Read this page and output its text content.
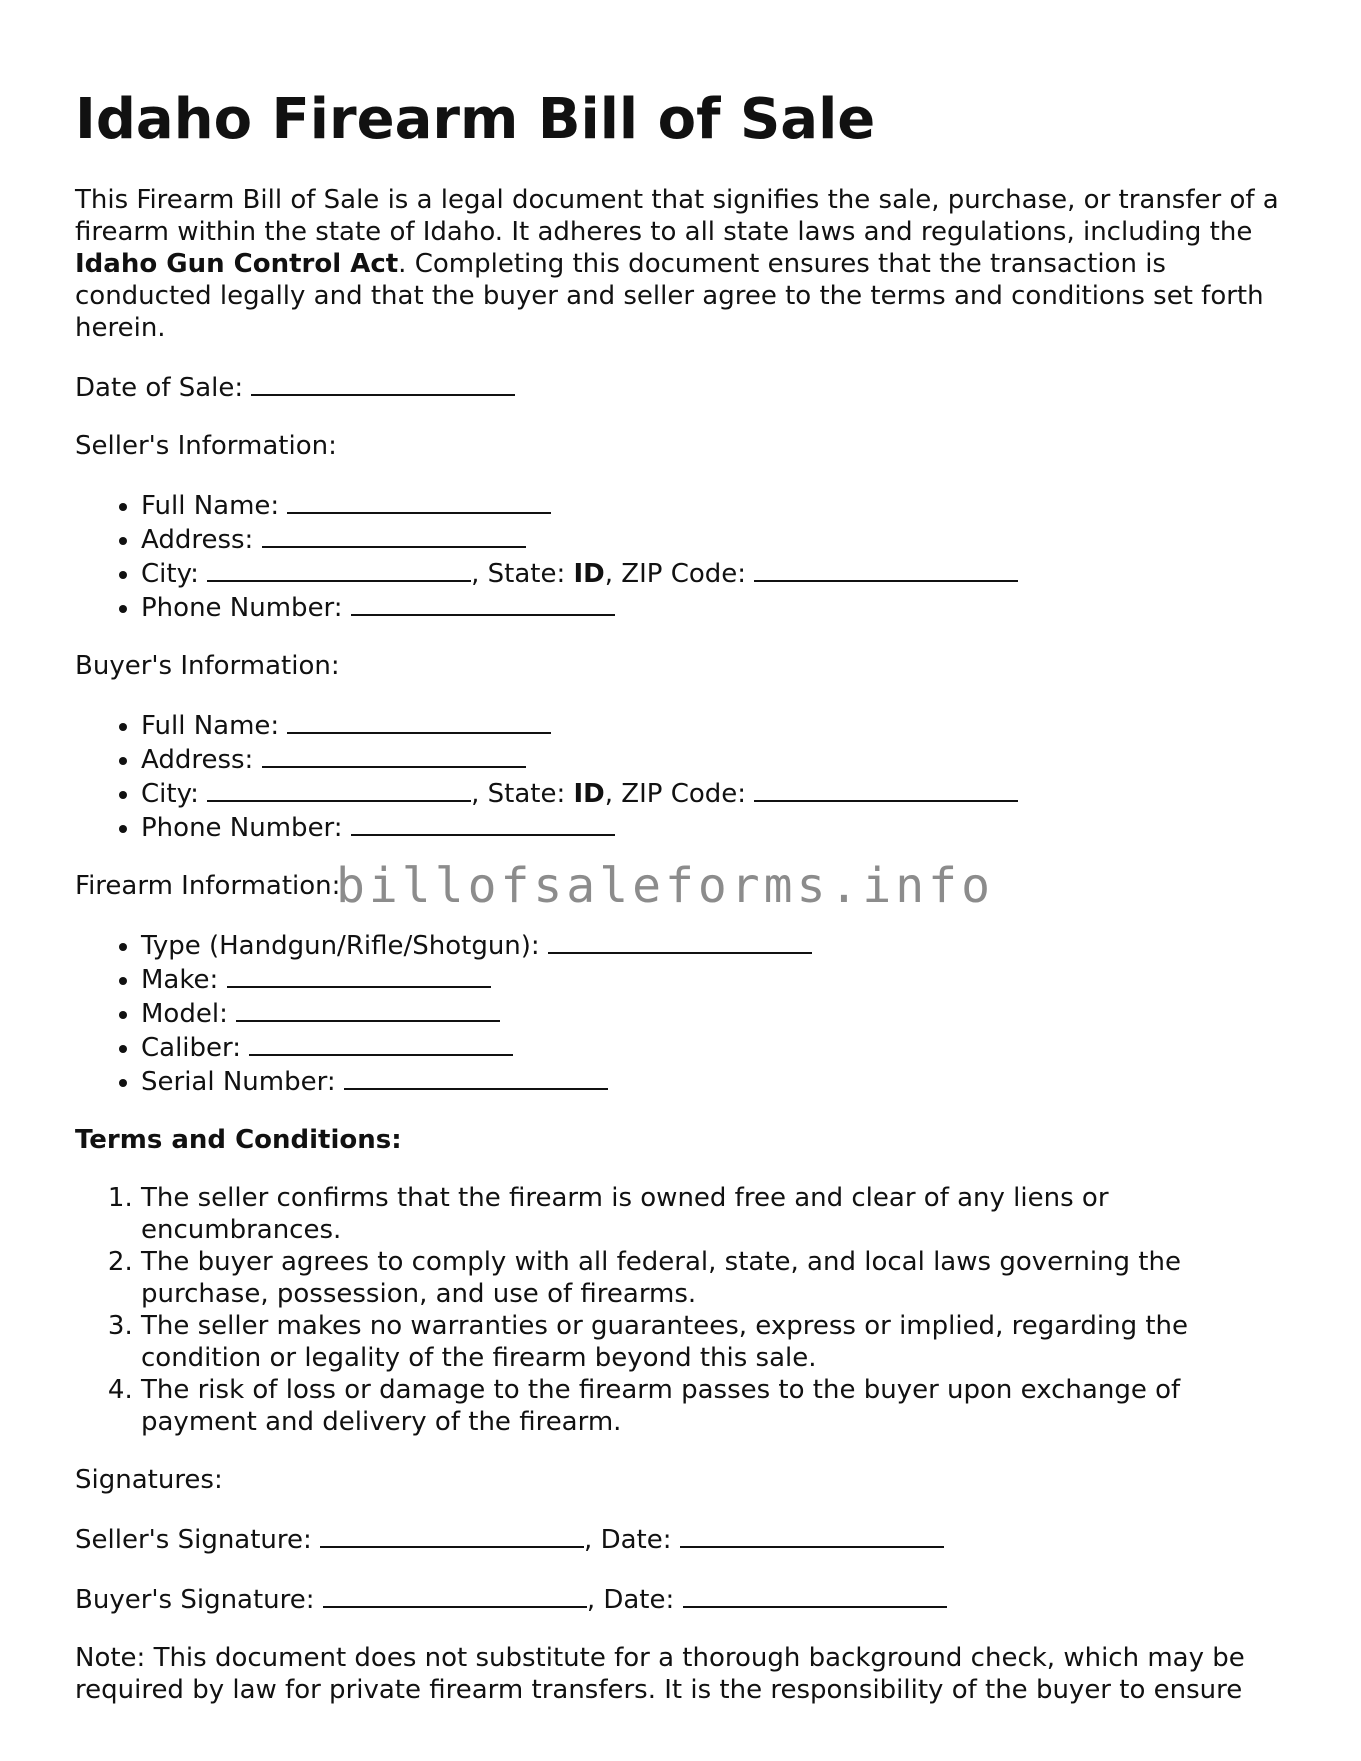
Idaho Firearm Bill of Sale

This Firearm Bill of Sale is a legal document that signifies the sale, purchase, or transfer of a firearm within the state of Idaho. It adheres to all state laws and regulations, including the Idaho Gun Control Act. Completing this document ensures that the transaction is conducted legally and that the buyer and seller agree to the terms and conditions set forth herein.

Date of Sale:

Seller's Information:

• Full Name:
• Address:
• City:	, State: ID, ZIP Code:
• Phone Number:

Buyer's Information:

• Full Name:
• Address:
• City:	, State: ID, ZIP Code:
• Phone Number:

Firearm Information:

• Type (Handgun/Rifle/Shotgun):
• Make:
• Model:
• Caliber:
• Serial Number:

Terms and Conditions:

1. The seller confirms that the firearm is owned free and clear of any liens or encumbrances.
2. The buyer agrees to comply with all federal, state, and local laws governing the purchase, possession, and use of firearms.
3. The seller makes no warranties or guarantees, express or implied, regarding the condition or legality of the firearm beyond this sale.
4. The risk of loss or damage to the firearm passes to the buyer upon exchange of payment and delivery of the firearm.

Signatures:

Seller's Signature:	, Date:

Buyer's Signature:	, Date:

Note: This document does not substitute for a thorough background check, which may be required by law for private firearm transfers. It is the responsibility of the buyer to ensure

billofsaleforms.info
